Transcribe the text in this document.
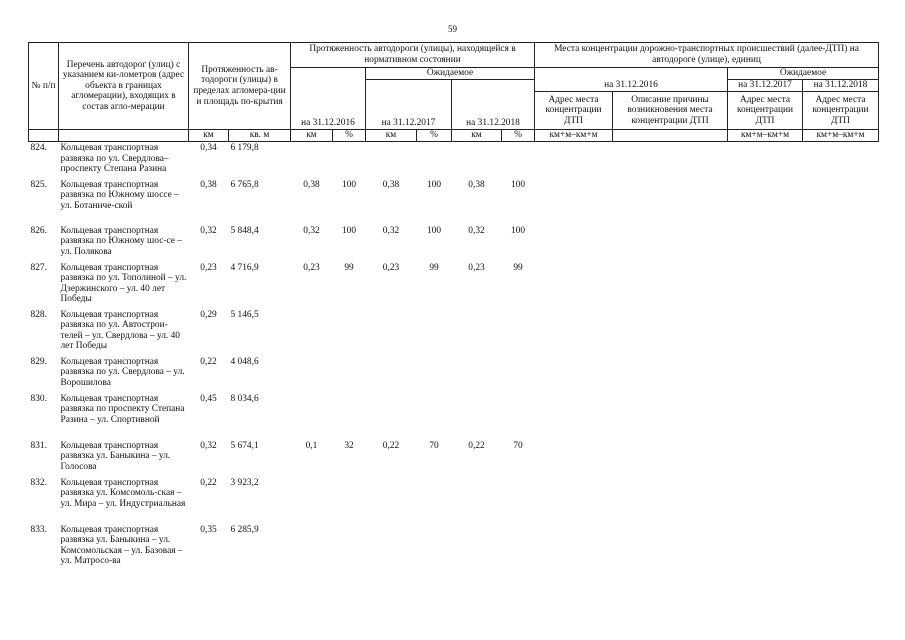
59
№ п/п	Перечень автодорог (улиц) с указанием ки-лометров (адрес объекта в границах агломерации), входящих в состав агло-мерации	Протяженность ав-тодороги (улицы) в пределах агломера-ции и площадь по-крытия		Протяженность автодороги (улицы), находящейся в нормативном состоянии						Места концентрации дорожно-транспортных происшествий (далее-ДТП) на автодороге (улице), единиц			
				на 31.12.2016		Ожидаемое				на 31.12.2016		Ожидаемое	
						на 31.12.2017		на 31.12.2018				на 31.12.2017	на 31.12.2018
										Адрес места концентрации ДТП	Описание причины возникновения места концентрации ДТП	Адрес места концентрации ДТП	Адрес места концентрации ДТП
		км	кв. м	км	%	км	%	км	%	км+м–км+м		км+м–км+м	км+м–км+м
824.	Кольцевая транспортная развязка по ул. Свердлова–проспекту Степана Разина	0,34	6 179,8										
825.	Кольцевая транспортная развязка по Южному шоссе – ул. Ботаниче-ской	0,38	6 765,8	0,38	100	0,38	100	0,38	100				
826.	Кольцевая транспортная развязка по Южному шос-се –ул. Полякова	0,32	5 848,4	0,32	100	0,32	100	0,32	100				
827.	Кольцевая транспортная развязка по ул. Тополиной – ул. Дзержинского – ул. 40 лет Победы	0,23	4 716,9	0,23	99	0,23	99	0,23	99				
828.	Кольцевая транспортная развязка по ул. Автострои-телей – ул. Свердлова – ул. 40 лет Победы	0,29	5 146,5										
829.	Кольцевая транспортная развязка по ул. Свердлова – ул. Ворошилова	0,22	4 048,6										
830.	Кольцевая транспортная развязка по проспекту Степана Разина – ул. Спортивной	0,45	8 034,6										
831.	Кольцевая транспортная развязка ул. Баныкина – ул. Голосова	0,32	5 674,1	0,1	32	0,22	70	0,22	70				
832.	Кольцевая транспортная развязка ул. Комсомоль-ская – ул. Мира – ул. Индустриальная	0,22	3 923,2										
833.	Кольцевая транспортная развязка ул. Баныкина – ул. Комсомольская – ул. Базовая – ул. Матросо-ва	0,35	6 285,9										
